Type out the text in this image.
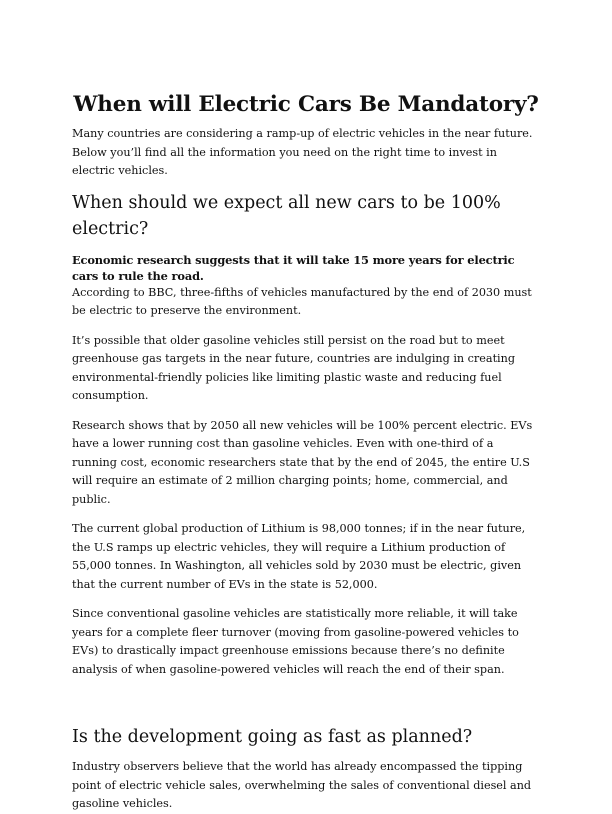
When will Electric Cars Be Mandatory?

Many countries are considering a ramp-up of electric vehicles in the near future. Below you’ll find all the information you need on the right time to invest in electric vehicles.

When should we expect all new cars to be 100% electric?

Economic research suggests that it will take 15 more years for electric cars to rule the road.

According to BBC, three-fifths of vehicles manufactured by the end of 2030 must be electric to preserve the environment.

It’s possible that older gasoline vehicles still persist on the road but to meet greenhouse gas targets in the near future, countries are indulging in creating environmental-friendly policies like limiting plastic waste and reducing fuel consumption.

Research shows that by 2050 all new vehicles will be 100% percent electric. EVs have a lower running cost than gasoline vehicles. Even with one-third of a running cost, economic researchers state that by the end of 2045, the entire U.S will require an estimate of 2 million charging points; home, commercial, and public.

The current global production of Lithium is 98,000 tonnes; if in the near future, the U.S ramps up electric vehicles, they will require a Lithium production of 55,000 tonnes. In Washington, all vehicles sold by 2030 must be electric, given that the current number of EVs in the state is 52,000.

Since conventional gasoline vehicles are statistically more reliable, it will take years for a complete fleer turnover (moving from gasoline-powered vehicles to EVs) to drastically impact greenhouse emissions because there’s no definite analysis of when gasoline-powered vehicles will reach the end of their span.

Is the development going as fast as planned?

Industry observers believe that the world has already encompassed the tipping point of electric vehicle sales, overwhelming the sales of conventional diesel and gasoline vehicles.
